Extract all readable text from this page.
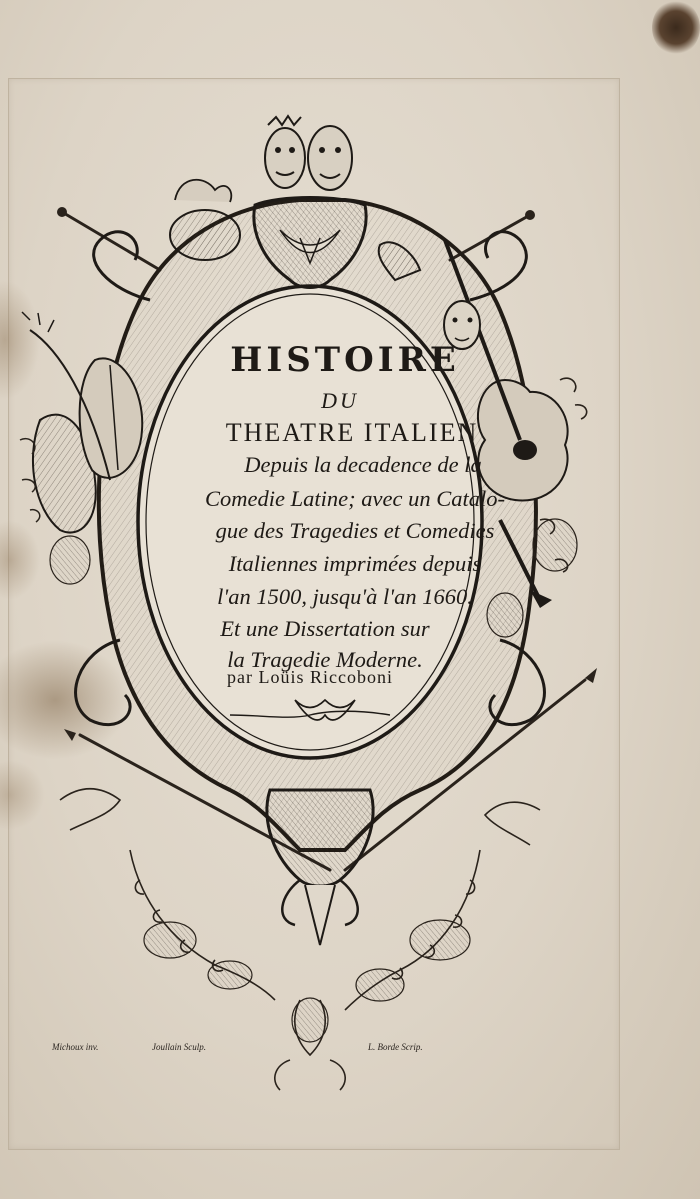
HISTOIRE
DU
THEATRE ITALIEN
Depuis la decadence de la
Comedie Latine; avec un Catalo-
gue des Tragedies et Comedies
Italiennes imprimées depuis
l'an 1500, jusqu'à l'an 1660.
Et une Dissertation sur
la Tragedie Moderne.
par Loüis Riccoboni
Michoux inv.	Joullain Sculp.	L. Borde Scrip.
